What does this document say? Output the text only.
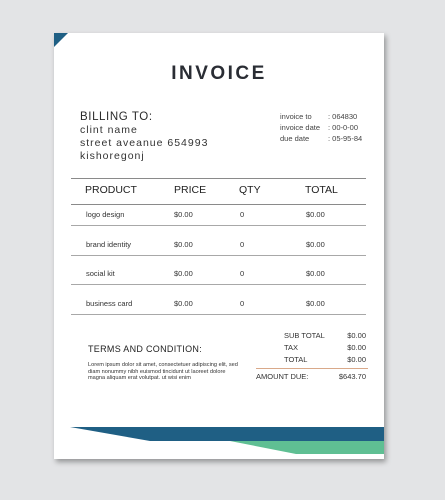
INVOICE
BILLING TO:
clint name
street aveanue 654993
kishoregonj
invoice to : 064830
invoice date : 00-0-00
due date	: 05-95-84
PRODUCT	PRICE	QTY	TOTAL
logo design	$0.00	0	$0.00
brand identity	$0.00	0	$0.00
social kit	$0.00	0	$0.00
business card	$0.00	0	$0.00
TERMS AND CONDITION:
Lorem ipsum dolor sit amet, consectetuer adipiscing elit, sed diam nonummy nibh euismod tincidunt ut laoreet dolore magna aliquam erat volutpat. ut wisi enim
SUB TOTAL	$0.00
TAX	$0.00
TOTAL	$0.00
AMOUNT DUE:	$643.70
